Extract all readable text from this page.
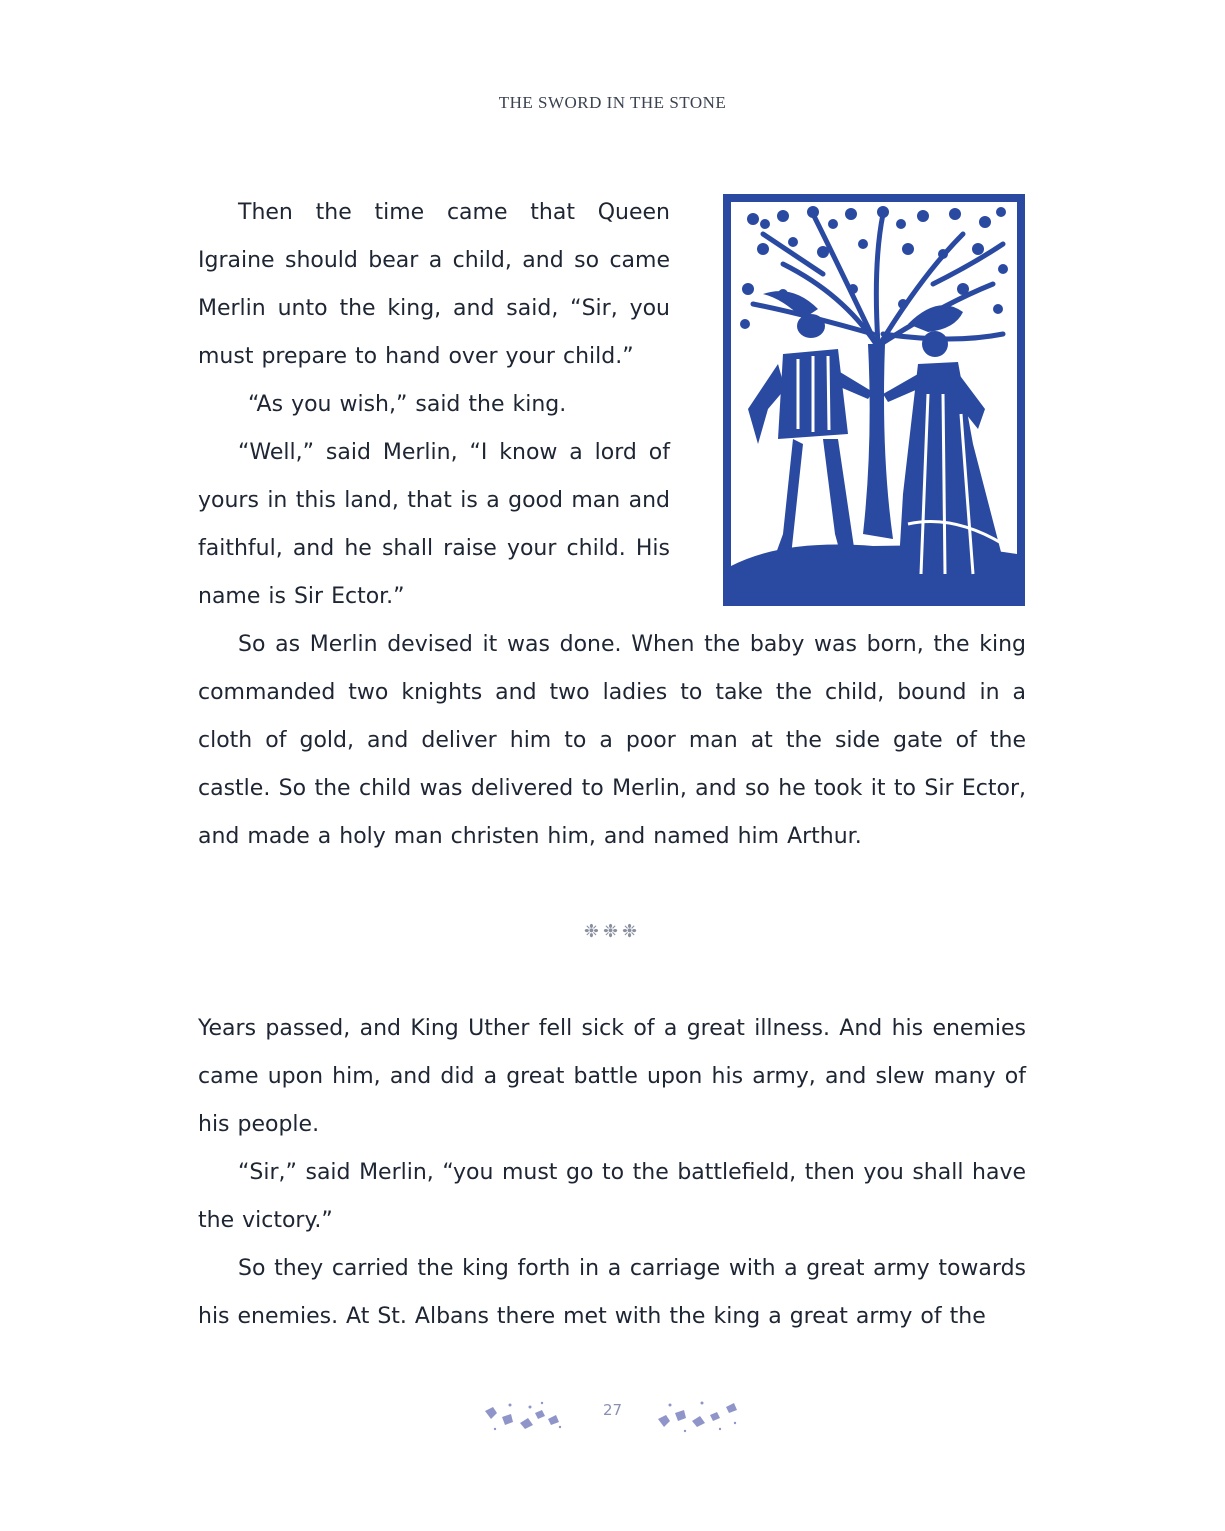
THE SWORD IN THE STONE

Then the time came that Queen Igraine should bear a child, and so came Merlin unto the king, and said, “Sir, you must prepare to hand over your child.”

“As you wish,” said the king.

“Well,” said Merlin, “I know a lord of yours in this land, that is a good man and faithful, and he shall raise your child. His name is Sir Ector.”

So as Merlin devised it was done. When the baby was born, the king commanded two knights and two ladies to take the child, bound in a cloth of gold, and deliver him to a poor man at the side gate of the castle. So the child was delivered to Merlin, and so he took it to Sir Ector, and made a holy man christen him, and named him Arthur.

❉❉❉

Years passed, and King Uther fell sick of a great illness. And his enemies came upon him, and did a great battle upon his army, and slew many of his people.

“Sir,” said Merlin, “you must go to the battlefield, then you shall have the victory.”

So they carried the king forth in a carriage with a great army towards his enemies. At St. Albans there met with the king a great army of the

27
